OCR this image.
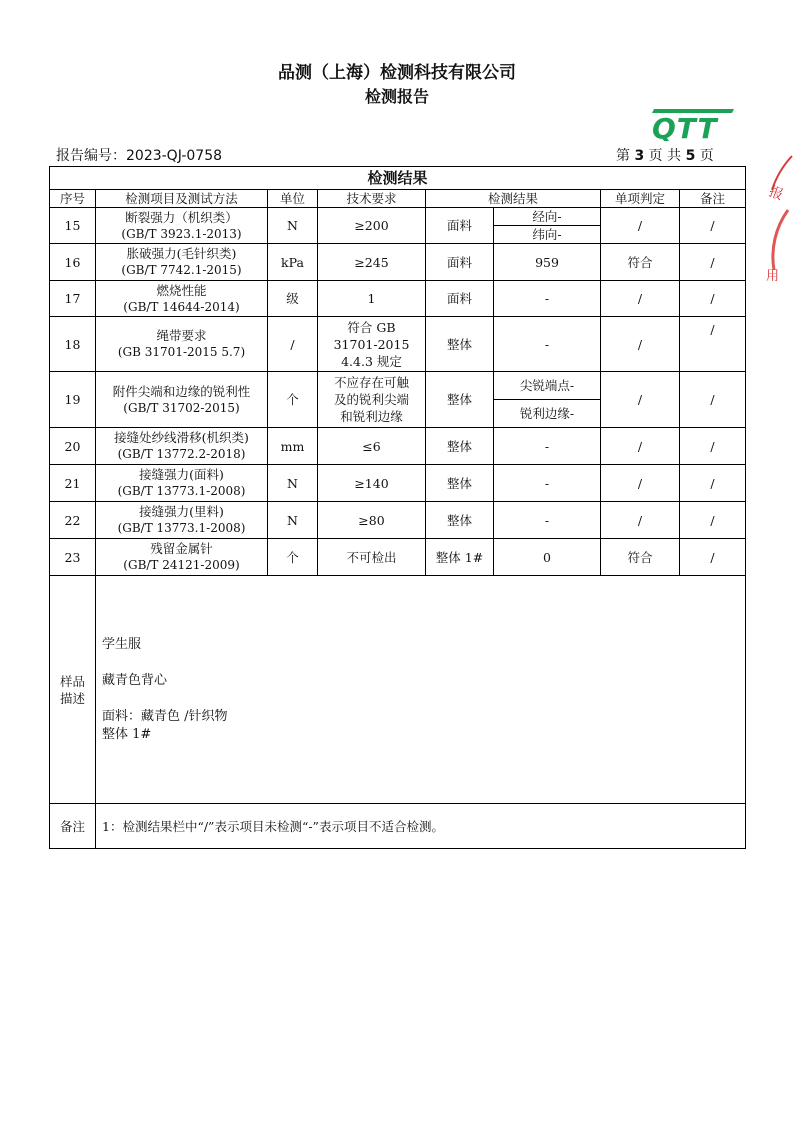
品测（上海）检测科技有限公司
检测报告
QTT
报告编号：2023-QJ-0758	第 3 页 共 5 页
报
用
检测结果							
序号	检测项目及测试方法	单位	技术要求	检测结果		单项判定	备注
15	断裂强力（机织类）
(GB/T 3923.1-2013)	N	≥200	面料	经向-	/	/
					纬向-		
16	胀破强力(毛针织类)
(GB/T 7742.1-2015)	kPa	≥245	面料	959	符合	/
17	燃烧性能
(GB/T 14644-2014)	级	1	面料	-	/	/
18	绳带要求
(GB 31701-2015 5.7)	/	符合 GB
31701-2015
4.4.3 规定	整体	-	/	/
19	附件尖端和边缘的锐利性
(GB/T 31702-2015)	个	不应存在可触
及的锐利尖端
和锐利边缘	整体	尖锐端点-	/	/
					锐利边缘-		
20	接缝处纱线滑移(机织类)
(GB/T 13772.2-2018)	mm	≤6	整体	-	/	/
21	接缝强力(面料)
(GB/T 13773.1-2008)	N	≥140	整体	-	/	/
22	接缝强力(里料)
(GB/T 13773.1-2008)	N	≥80	整体	-	/	/
23	残留金属针
(GB/T 24121-2009)	个	不可检出	整体 1#	0	符合	/

样品
描述	学生服
藏青色背心
面料：藏青色 /针织物
整体 1#						

备注	1：检测结果栏中“/”表示项目未检测“-”表示项目不适合检测。						
